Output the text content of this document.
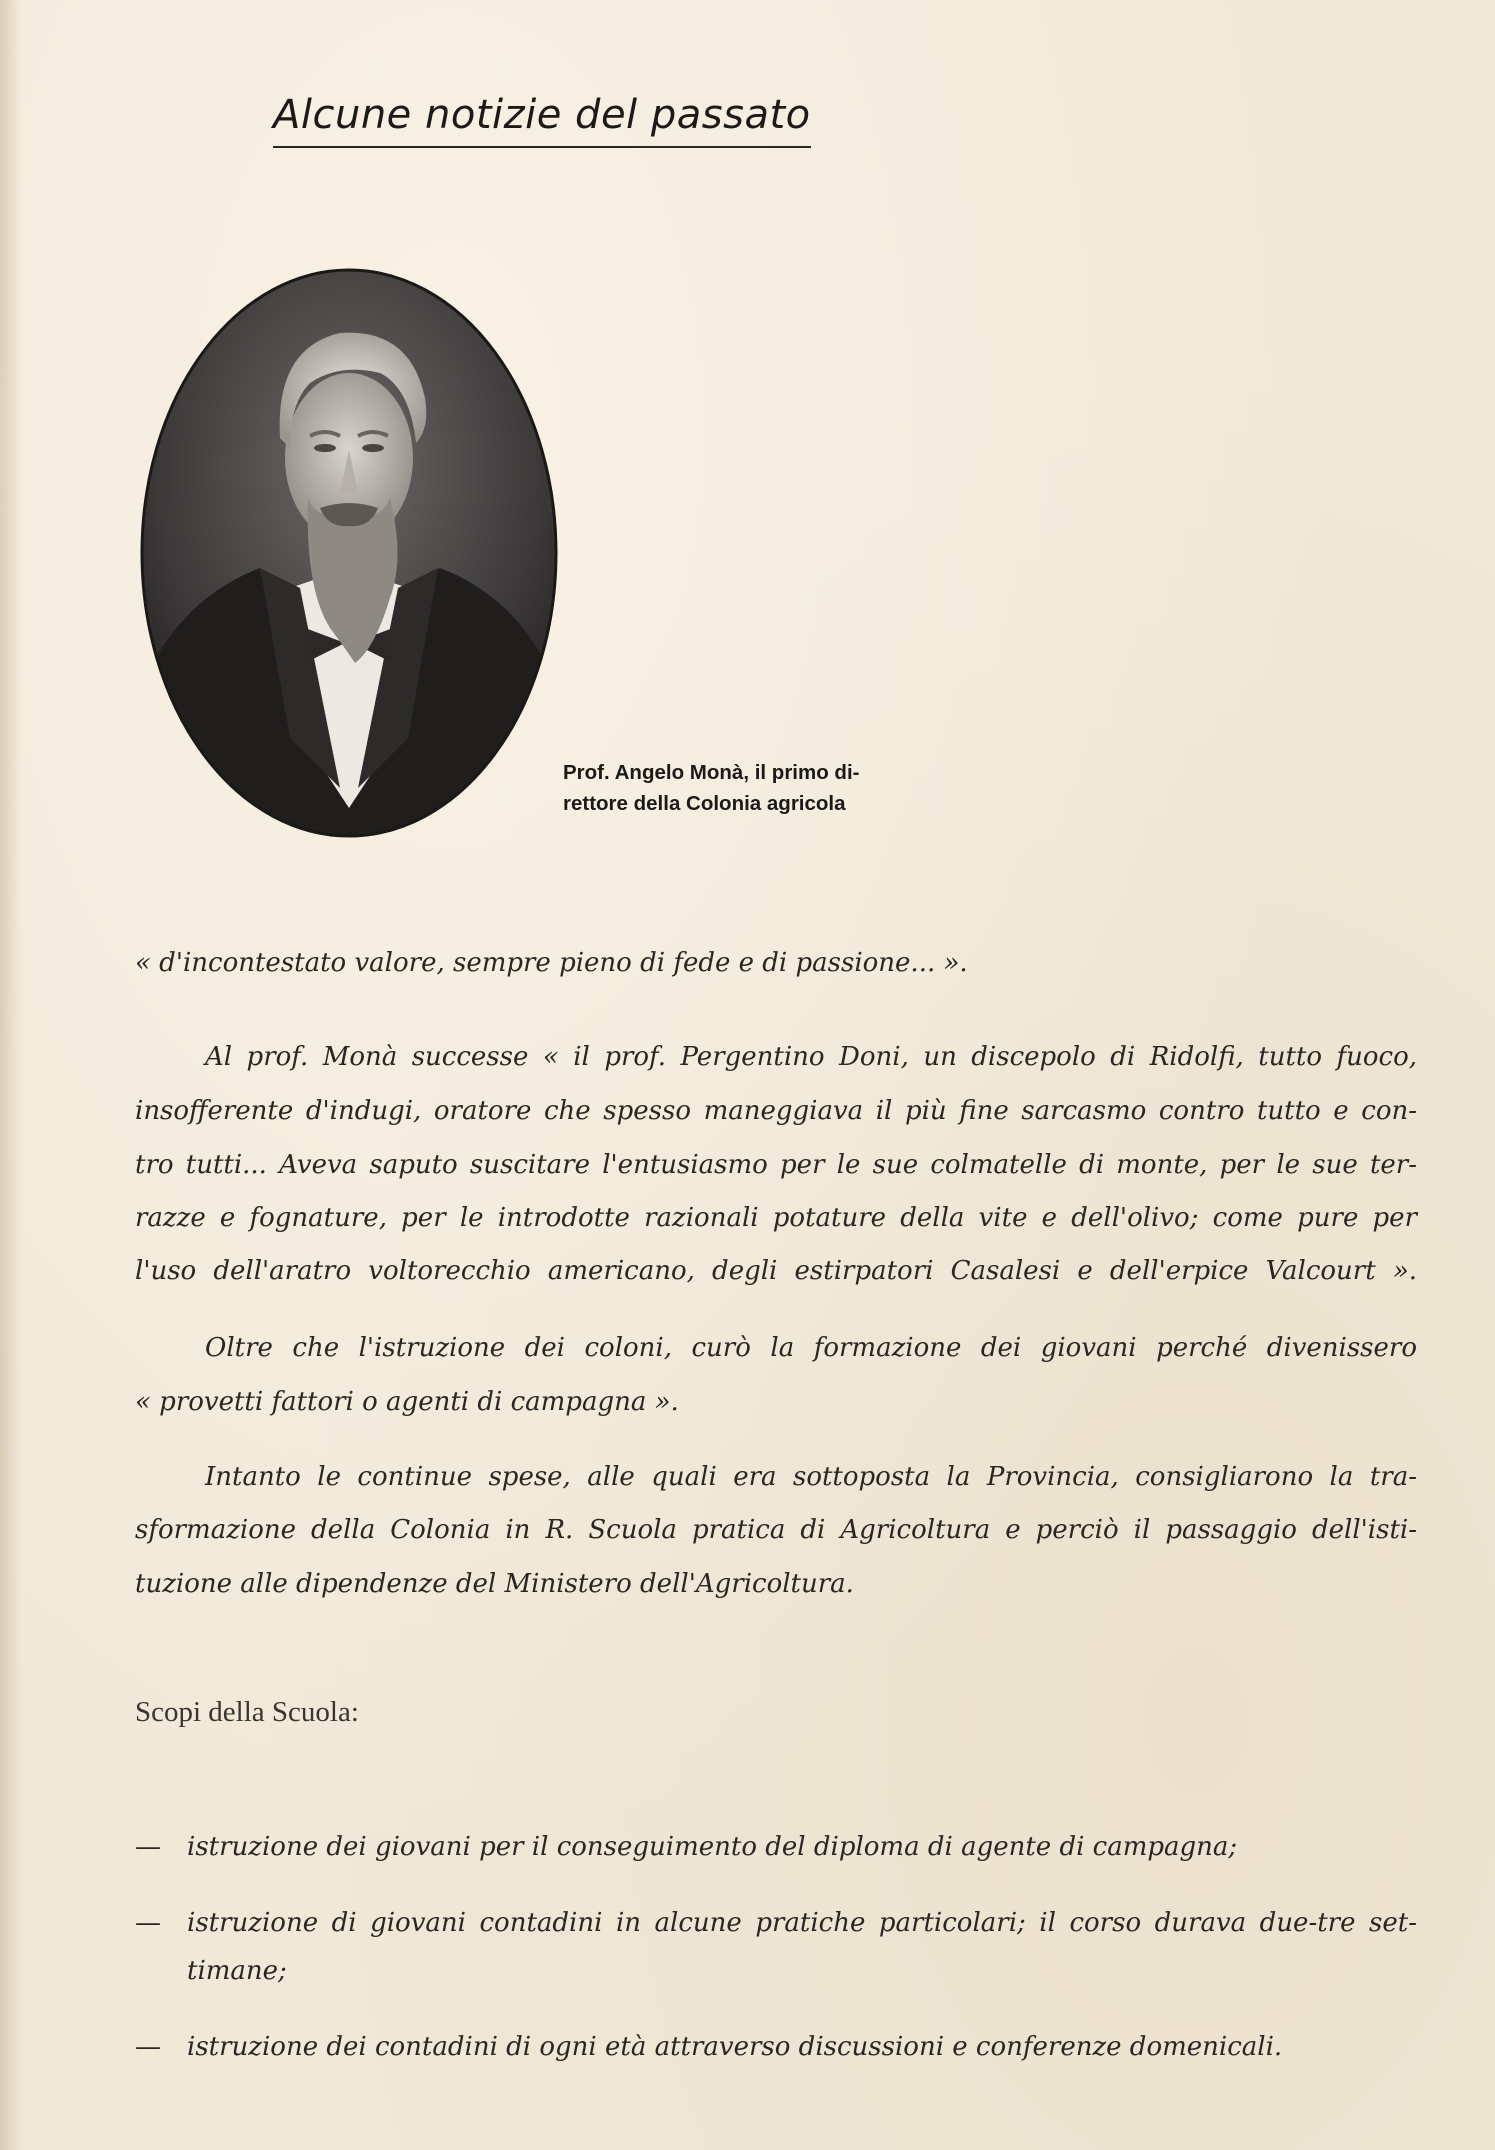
Alcune notizie del passato
Prof. Angelo Monà, il primo di-
rettore della Colonia agricola
« d'incontestato valore, sempre pieno di fede e di passione... ».
Al prof. Monà successe « il prof. Pergentino Doni, un discepolo di Ridolfi, tutto fuoco,
insofferente d'indugi, oratore che spesso maneggiava il più fine sarcasmo contro tutto e con-
tro tutti... Aveva saputo suscitare l'entusiasmo per le sue colmatelle di monte, per le sue ter-
razze e fognature, per le introdotte razionali potature della vite e dell'olivo; come pure per
l'uso dell'aratro voltorecchio americano, degli estirpatori Casalesi e dell'erpice Valcourt ».
Oltre che l'istruzione dei coloni, curò la formazione dei giovani perché divenissero
« provetti fattori o agenti di campagna ».
Intanto le continue spese, alle quali era sottoposta la Provincia, consigliarono la tra-
sformazione della Colonia in R. Scuola pratica di Agricoltura e perciò il passaggio dell'isti-
tuzione alle dipendenze del Ministero dell'Agricoltura.
Scopi della Scuola:
— istruzione dei giovani per il conseguimento del diploma di agente di campagna;
— istruzione di giovani contadini in alcune pratiche particolari; il corso durava due-tre set-
timane;
— istruzione dei contadini di ogni età attraverso discussioni e conferenze domenicali.
